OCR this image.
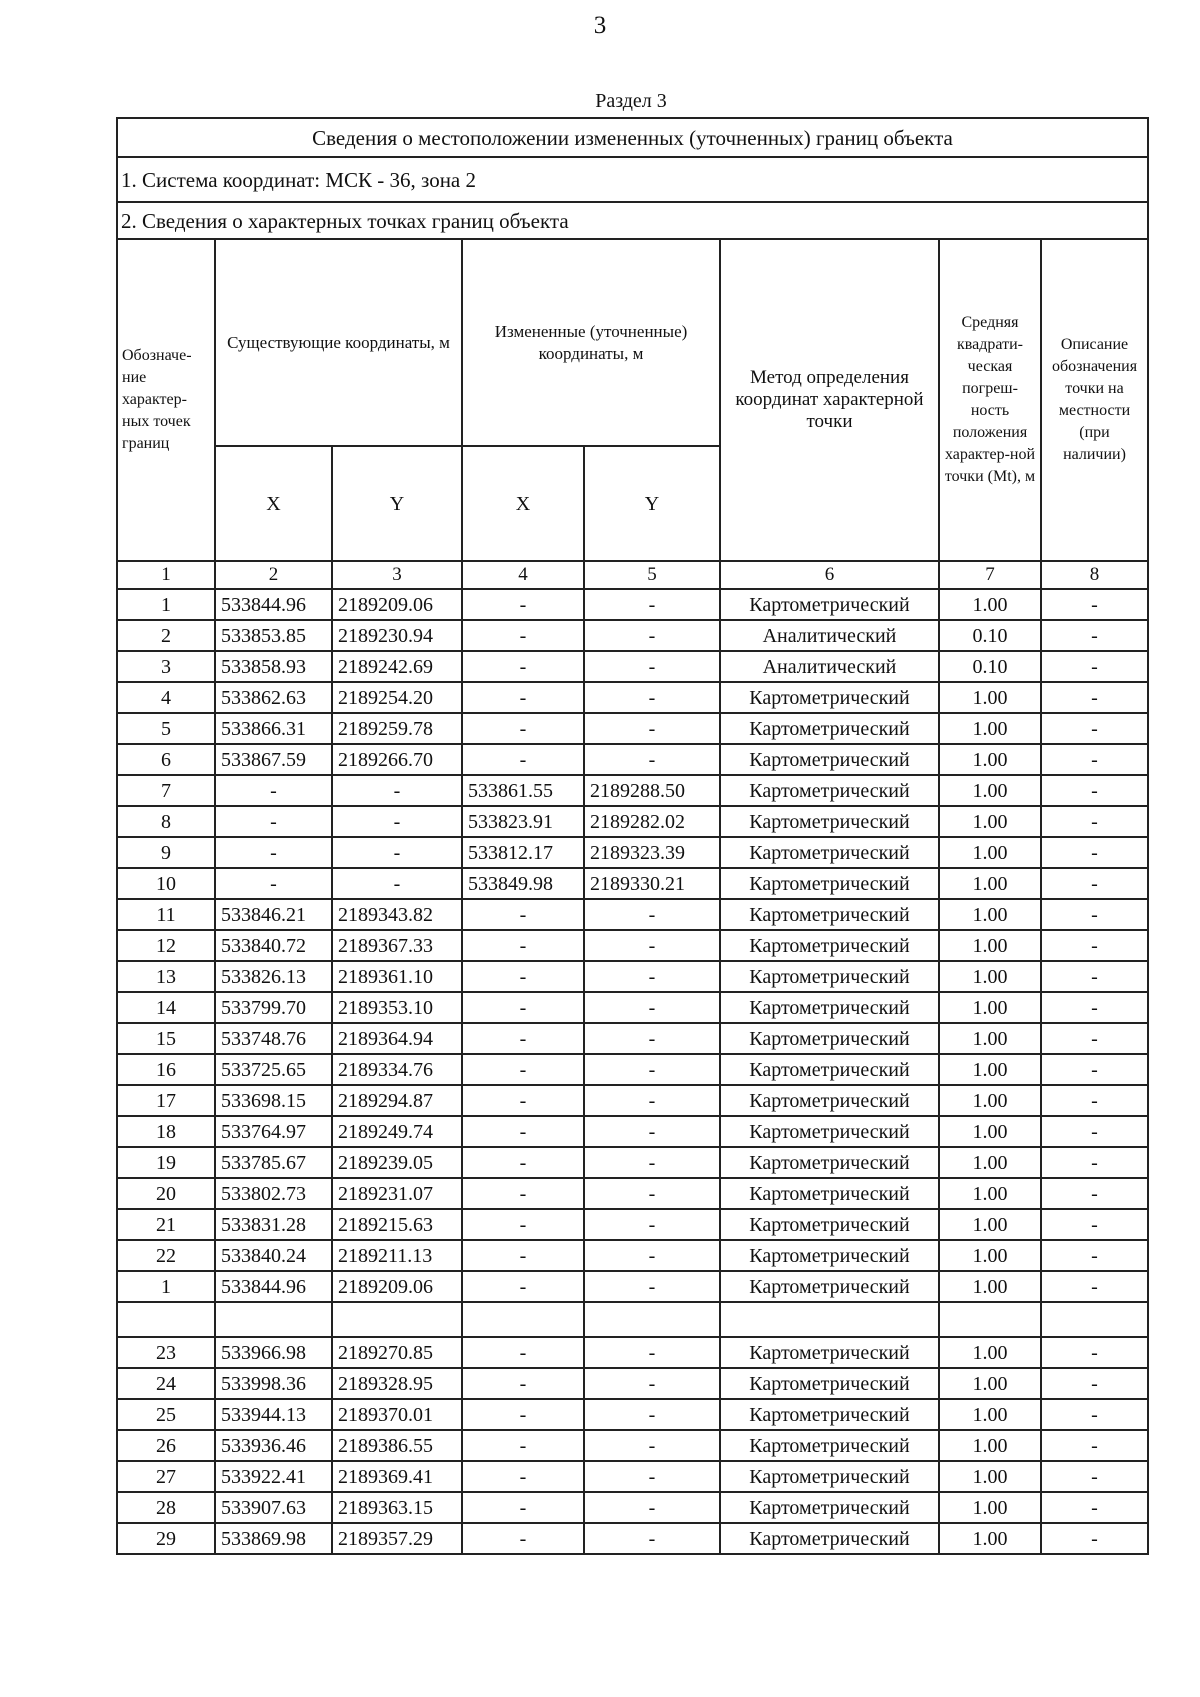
3
Раздел 3
Сведения о местоположении измененных (уточненных) границ объекта							
1. Система координат: МСК - 36, зона 2							
2. Сведения о характерных точках границ объекта							
Обозначе-ние характер-ных точек границ	Существующие координаты, м		Измененные (уточненные) координаты, м		Метод определения координат характерной точки	Средняя квадрати-ческая погреш-ность положения характер-ной точки (Mt), м	Описание обозначения точки на местности (при наличии)
	X	Y	X	Y			
1	2	3	4	5	6	7	8
1	533844.96	2189209.06	-	-	Картометрический	1.00	-
2	533853.85	2189230.94	-	-	Аналитический	0.10	-
3	533858.93	2189242.69	-	-	Аналитический	0.10	-
4	533862.63	2189254.20	-	-	Картометрический	1.00	-
5	533866.31	2189259.78	-	-	Картометрический	1.00	-
6	533867.59	2189266.70	-	-	Картометрический	1.00	-
7	-	-	533861.55	2189288.50	Картометрический	1.00	-
8	-	-	533823.91	2189282.02	Картометрический	1.00	-
9	-	-	533812.17	2189323.39	Картометрический	1.00	-
10	-	-	533849.98	2189330.21	Картометрический	1.00	-
11	533846.21	2189343.82	-	-	Картометрический	1.00	-
12	533840.72	2189367.33	-	-	Картометрический	1.00	-
13	533826.13	2189361.10	-	-	Картометрический	1.00	-
14	533799.70	2189353.10	-	-	Картометрический	1.00	-
15	533748.76	2189364.94	-	-	Картометрический	1.00	-
16	533725.65	2189334.76	-	-	Картометрический	1.00	-
17	533698.15	2189294.87	-	-	Картометрический	1.00	-
18	533764.97	2189249.74	-	-	Картометрический	1.00	-
19	533785.67	2189239.05	-	-	Картометрический	1.00	-
20	533802.73	2189231.07	-	-	Картометрический	1.00	-
21	533831.28	2189215.63	-	-	Картометрический	1.00	-
22	533840.24	2189211.13	-	-	Картометрический	1.00	-
1	533844.96	2189209.06	-	-	Картометрический	1.00	-

23	533966.98	2189270.85	-	-	Картометрический	1.00	-
24	533998.36	2189328.95	-	-	Картометрический	1.00	-
25	533944.13	2189370.01	-	-	Картометрический	1.00	-
26	533936.46	2189386.55	-	-	Картометрический	1.00	-
27	533922.41	2189369.41	-	-	Картометрический	1.00	-
28	533907.63	2189363.15	-	-	Картометрический	1.00	-
29	533869.98	2189357.29	-	-	Картометрический	1.00	-
